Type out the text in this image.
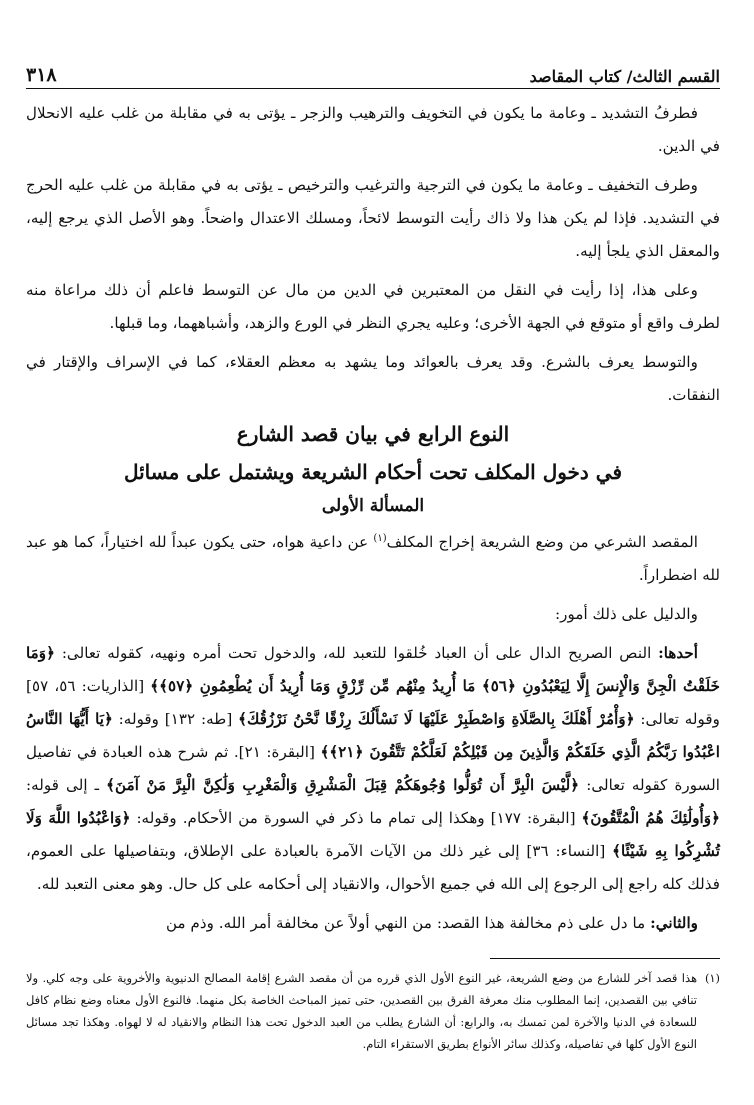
القسم الثالث/ كتاب المقاصد
٣١٨

فطرفُ التشديد ـ وعامة ما يكون في التخويف والترهيب والزجر ـ يؤتى به في مقابلة من غلب عليه الانحلال في الدين.

وطرف التخفيف ـ وعامة ما يكون في الترجية والترغيب والترخيص ـ يؤتى به في مقابلة من غلب عليه الحرج في التشديد. فإذا لم يكن هذا ولا ذاك رأيت التوسط لائحاً، ومسلك الاعتدال واضحاً. وهو الأصل الذي يرجع إليه، والمعقل الذي يلجأ إليه.

وعلى هذا، إذا رأيت في النقل من المعتبرين في الدين من مال عن التوسط فاعلم أن ذلك مراعاة منه لطرف واقع أو متوقع في الجهة الأخرى؛ وعليه يجري النظر في الورع والزهد، وأشباههما، وما قبلها.

والتوسط يعرف بالشرع. وقد يعرف بالعوائد وما يشهد به معظم العقلاء، كما في الإسراف والإقتار في النفقات.

النوع الرابع في بيان قصد الشارع
في دخول المكلف تحت أحكام الشريعة ويشتمل على مسائل
المسألة الأولى

المقصد الشرعي من وضع الشريعة إخراج المكلف$^{(١)}$ عن داعية هواه، حتى يكون عبداً لله اختياراً، كما هو عبد لله اضطراراً.

والدليل على ذلك أمور:

أحدها: النص الصريح الدال على أن العباد خُلقوا للتعبد لله، والدخول تحت أمره ونهيه، كقوله تعالى: ﴿وَمَا خَلَقْتُ الْجِنَّ وَالْإِنسَ إِلَّا لِيَعْبُدُونِ ﴿٥٦﴾ مَا أُرِيدُ مِنْهُم مِّن رِّزْقٍ وَمَا أُرِيدُ أَن يُطْعِمُونِ ﴿٥٧﴾﴾ [الذاريات: ٥٦، ٥٧] وقوله تعالى: ﴿وَأْمُرْ أَهْلَكَ بِالصَّلَاةِ وَاصْطَبِرْ عَلَيْهَا لَا نَسْأَلُكَ رِزْقًا نَّحْنُ نَرْزُقُكَ﴾ [طه: ١٣٢] وقوله: ﴿يَا أَيُّهَا النَّاسُ اعْبُدُوا رَبَّكُمُ الَّذِي خَلَقَكُمْ وَالَّذِينَ مِن قَبْلِكُمْ لَعَلَّكُمْ تَتَّقُونَ ﴿٢١﴾﴾ [البقرة: ٢١]. ثم شرح هذه العبادة في تفاصيل السورة كقوله تعالى: ﴿لَّيْسَ الْبِرَّ أَن تُوَلُّوا وُجُوهَكُمْ قِبَلَ الْمَشْرِقِ وَالْمَغْرِبِ وَلَٰكِنَّ الْبِرَّ مَنْ آمَنَ﴾ ـ إلى قوله: ﴿وَأُولَٰئِكَ هُمُ الْمُتَّقُونَ﴾ [البقرة: ١٧٧] وهكذا إلى تمام ما ذكر في السورة من الأحكام. وقوله: ﴿وَاعْبُدُوا اللَّهَ وَلَا تُشْرِكُوا بِهِ شَيْئًا﴾ [النساء: ٣٦] إلى غير ذلك من الآيات الآمرة بالعبادة على الإطلاق، وبتفاصيلها على العموم، فذلك كله راجع إلى الرجوع إلى الله في جميع الأحوال، والانقياد إلى أحكامه على كل حال. وهو معنى التعبد لله.

والثاني: ما دل على ذم مخالفة هذا القصد: من النهي أولاً عن مخالفة أمر الله. وذم من

(١)
هذا قصد آخر للشارع من وضع الشريعة، غير النوع الأول الذي قرره من أن مقصد الشرع إقامة المصالح الدنيوية والأخروية على وجه كلي. ولا تنافي بين القصدين، إنما المطلوب منك معرفة الفرق بين القصدين، حتى تميز المباحث الخاصة بكل منهما. فالنوع الأول معناه وضع نظام كافل للسعادة في الدنيا والآخرة لمن تمسك به، والرابع: أن الشارع يطلب من العبد الدخول تحت هذا النظام والانقياد له لا لهواه. وهكذا تجد مسائل النوع الأول كلها في تفاصيله، وكذلك سائر الأنواع بطريق الاستقراء التام.
